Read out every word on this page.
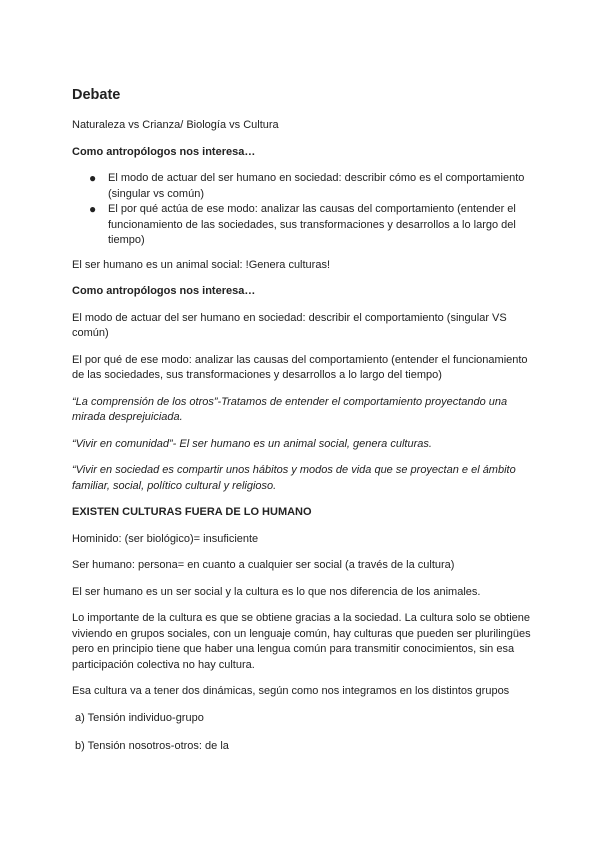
Debate

Naturaleza vs Crianza/ Biología vs Cultura

Como antropólogos nos interesa…

● El modo de actuar del ser humano en sociedad: describir cómo es el comportamiento (singular vs común)
● El por qué actúa de ese modo: analizar las causas del comportamiento (entender el funcionamiento de las sociedades, sus transformaciones y desarrollos a lo largo del tiempo)

El ser humano es un animal social: !Genera culturas!

Como antropólogos nos interesa…

El modo de actuar del ser humano en sociedad: describir el comportamiento (singular VS común)

El por qué de ese modo: analizar las causas del comportamiento (entender el funcionamiento de las sociedades, sus transformaciones y desarrollos a lo largo del tiempo)

“La comprensión de los otros”-Tratamos de entender el comportamiento proyectando una mirada desprejuiciada.

“Vivir en comunidad”- El ser humano es un animal social, genera culturas.

“Vivir en sociedad es compartir unos hábitos y modos de vida que se proyectan e el ámbito familiar, social, político cultural y religioso.

EXISTEN CULTURAS FUERA DE LO HUMANO

Hominido: (ser biológico)= insuficiente

Ser humano: persona= en cuanto a cualquier ser social (a través de la cultura)

El ser humano es un ser social y la cultura es lo que nos diferencia de los animales.

Lo importante de la cultura es que se obtiene gracias a la sociedad. La cultura solo se obtiene viviendo en grupos sociales, con un lenguaje común, hay culturas que pueden ser plurilingües pero en principio tiene que haber una lengua común para transmitir conocimientos, sin esa participación colectiva no hay cultura.

Esa cultura va a tener dos dinámicas, según como nos integramos en los distintos grupos

a) Tensión individuo-grupo

b) Tensión nosotros-otros: de la
